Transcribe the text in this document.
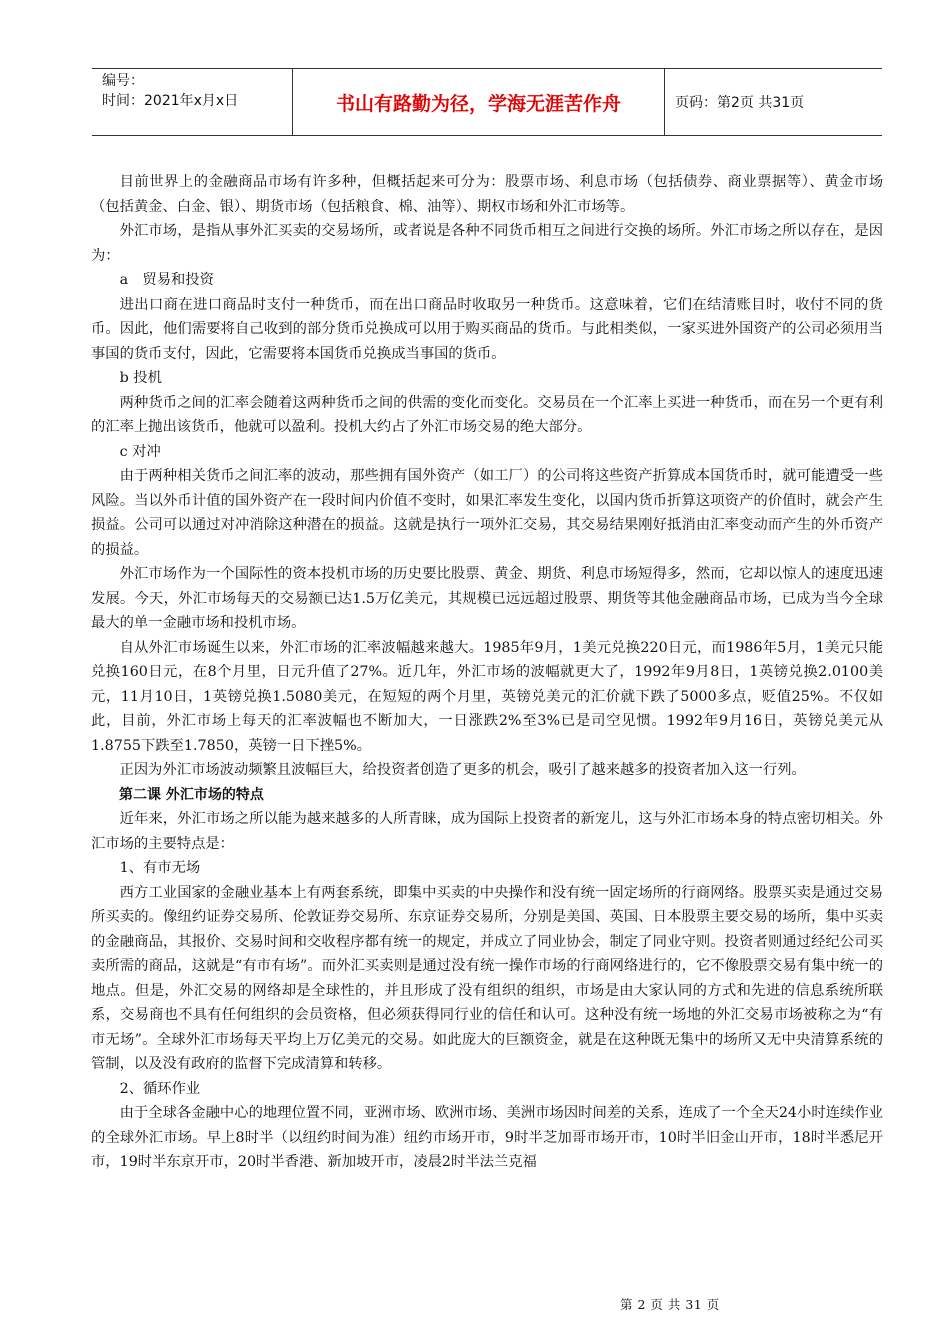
编号：
时间：2021年x月x日	书山有路勤为径，学海无涯苦作舟	页码：第2页 共31页

目前世界上的金融商品市场有许多种，但概括起来可分为：股票市场、利息市场（包括债券、商业票据等）、黄金市场（包括黄金、白金、银）、期货市场（包括粮食、棉、油等）、期权市场和外汇市场等。

外汇市场，是指从事外汇买卖的交易场所，或者说是各种不同货币相互之间进行交换的场所。外汇市场之所以存在，是因为：

a　贸易和投资

进出口商在进口商品时支付一种货币，而在出口商品时收取另一种货币。这意味着，它们在结清账目时，收付不同的货币。因此，他们需要将自己收到的部分货币兑换成可以用于购买商品的货币。与此相类似，一家买进外国资产的公司必须用当事国的货币支付，因此，它需要将本国货币兑换成当事国的货币。

b 投机

两种货币之间的汇率会随着这两种货币之间的供需的变化而变化。交易员在一个汇率上买进一种货币，而在另一个更有利的汇率上抛出该货币，他就可以盈利。投机大约占了外汇市场交易的绝大部分。

c 对冲

由于两种相关货币之间汇率的波动，那些拥有国外资产（如工厂）的公司将这些资产折算成本国货币时，就可能遭受一些风险。当以外币计值的国外资产在一段时间内价值不变时，如果汇率发生变化，以国内货币折算这项资产的价值时，就会产生损益。公司可以通过对冲消除这种潜在的损益。这就是执行一项外汇交易，其交易结果刚好抵消由汇率变动而产生的外币资产的损益。

外汇市场作为一个国际性的资本投机市场的历史要比股票、黄金、期货、利息市场短得多，然而，它却以惊人的速度迅速发展。今天，外汇市场每天的交易额已达1.5万亿美元，其规模已远远超过股票、期货等其他金融商品市场，已成为当今全球最大的单一金融市场和投机市场。

自从外汇市场诞生以来，外汇市场的汇率波幅越来越大。1985年9月，1美元兑换220日元，而1986年5月，1美元只能兑换160日元，在8个月里，日元升值了27%。近几年，外汇市场的波幅就更大了，1992年9月8日，1英镑兑换2.0100美元，11月10日，1英镑兑换1.5080美元，在短短的两个月里，英镑兑美元的汇价就下跌了5000多点，贬值25%。不仅如此，目前，外汇市场上每天的汇率波幅也不断加大，一日涨跌2%至3%已是司空见惯。1992年9月16日，英镑兑美元从1.8755下跌至1.7850，英镑一日下挫5%。

正因为外汇市场波动频繁且波幅巨大，给投资者创造了更多的机会，吸引了越来越多的投资者加入这一行列。

第二课 外汇市场的特点

近年来，外汇市场之所以能为越来越多的人所青睐，成为国际上投资者的新宠儿，这与外汇市场本身的特点密切相关。外汇市场的主要特点是：

1、有市无场

西方工业国家的金融业基本上有两套系统，即集中买卖的中央操作和没有统一固定场所的行商网络。股票买卖是通过交易所买卖的。像纽约证券交易所、伦敦证券交易所、东京证券交易所，分别是美国、英国、日本股票主要交易的场所，集中买卖的金融商品，其报价、交易时间和交收程序都有统一的规定，并成立了同业协会，制定了同业守则。投资者则通过经纪公司买卖所需的商品，这就是“有市有场”。而外汇买卖则是通过没有统一操作市场的行商网络进行的，它不像股票交易有集中统一的地点。但是，外汇交易的网络却是全球性的，并且形成了没有组织的组织，市场是由大家认同的方式和先进的信息系统所联系，交易商也不具有任何组织的会员资格，但必须获得同行业的信任和认可。这种没有统一场地的外汇交易市场被称之为“有市无场”。全球外汇市场每天平均上万亿美元的交易。如此庞大的巨额资金，就是在这种既无集中的场所又无中央清算系统的管制，以及没有政府的监督下完成清算和转移。

2、循环作业

由于全球各金融中心的地理位置不同，亚洲市场、欧洲市场、美洲市场因时间差的关系，连成了一个全天24小时连续作业的全球外汇市场。早上8时半（以纽约时间为准）纽约市场开市，9时半芝加哥市场开市，10时半旧金山开市，18时半悉尼开市，19时半东京开市，20时半香港、新加坡开市，凌晨2时半法兰克福

第 2 页 共 31 页
